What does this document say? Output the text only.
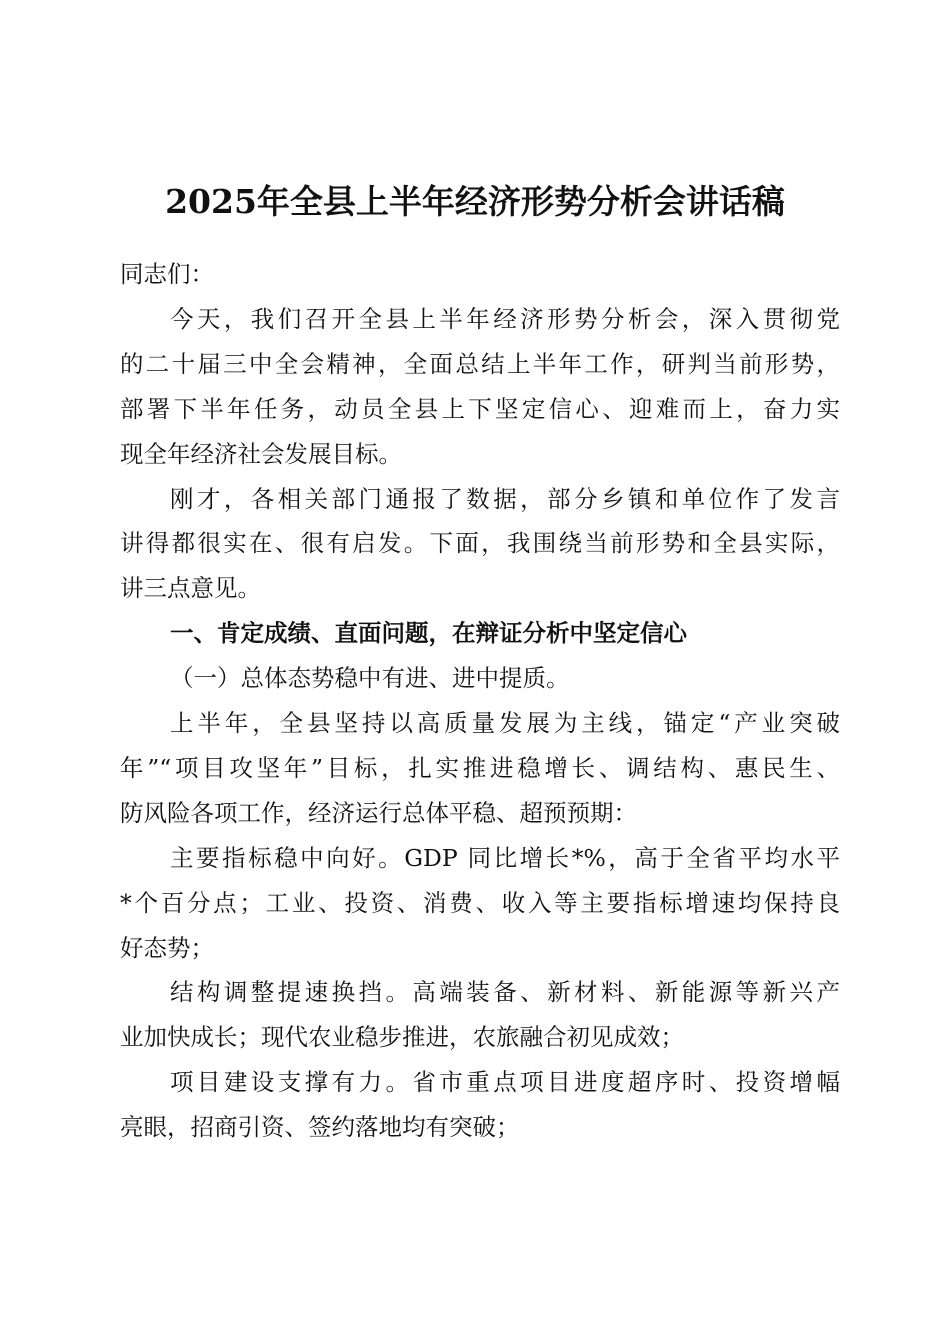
2025年全县上半年经济形势分析会讲话稿
同志们：
今天，我们召开全县上半年经济形势分析会，深入贯彻党
的二十届三中全会精神，全面总结上半年工作，研判当前形势，
部署下半年任务，动员全县上下坚定信心、迎难而上，奋力实
现全年经济社会发展目标。
刚才，各相关部门通报了数据，部分乡镇和单位作了发言
讲得都很实在、很有启发。下面，我围绕当前形势和全县实际，
讲三点意见。
一、肯定成绩、直面问题，在辩证分析中坚定信心
（一）总体态势稳中有进、进中提质。
上半年，全县坚持以高质量发展为主线，锚定“产业突破
年”“项目攻坚年”目标，扎实推进稳增长、调结构、惠民生、
防风险各项工作，经济运行总体平稳、超预预期：
主要指标稳中向好。GDP 同比增长*%，高于全省平均水平
*个百分点；工业、投资、消费、收入等主要指标增速均保持良
好态势；
结构调整提速换挡。高端装备、新材料、新能源等新兴产
业加快成长；现代农业稳步推进，农旅融合初见成效；
项目建设支撑有力。省市重点项目进度超序时、投资增幅
亮眼，招商引资、签约落地均有突破；
